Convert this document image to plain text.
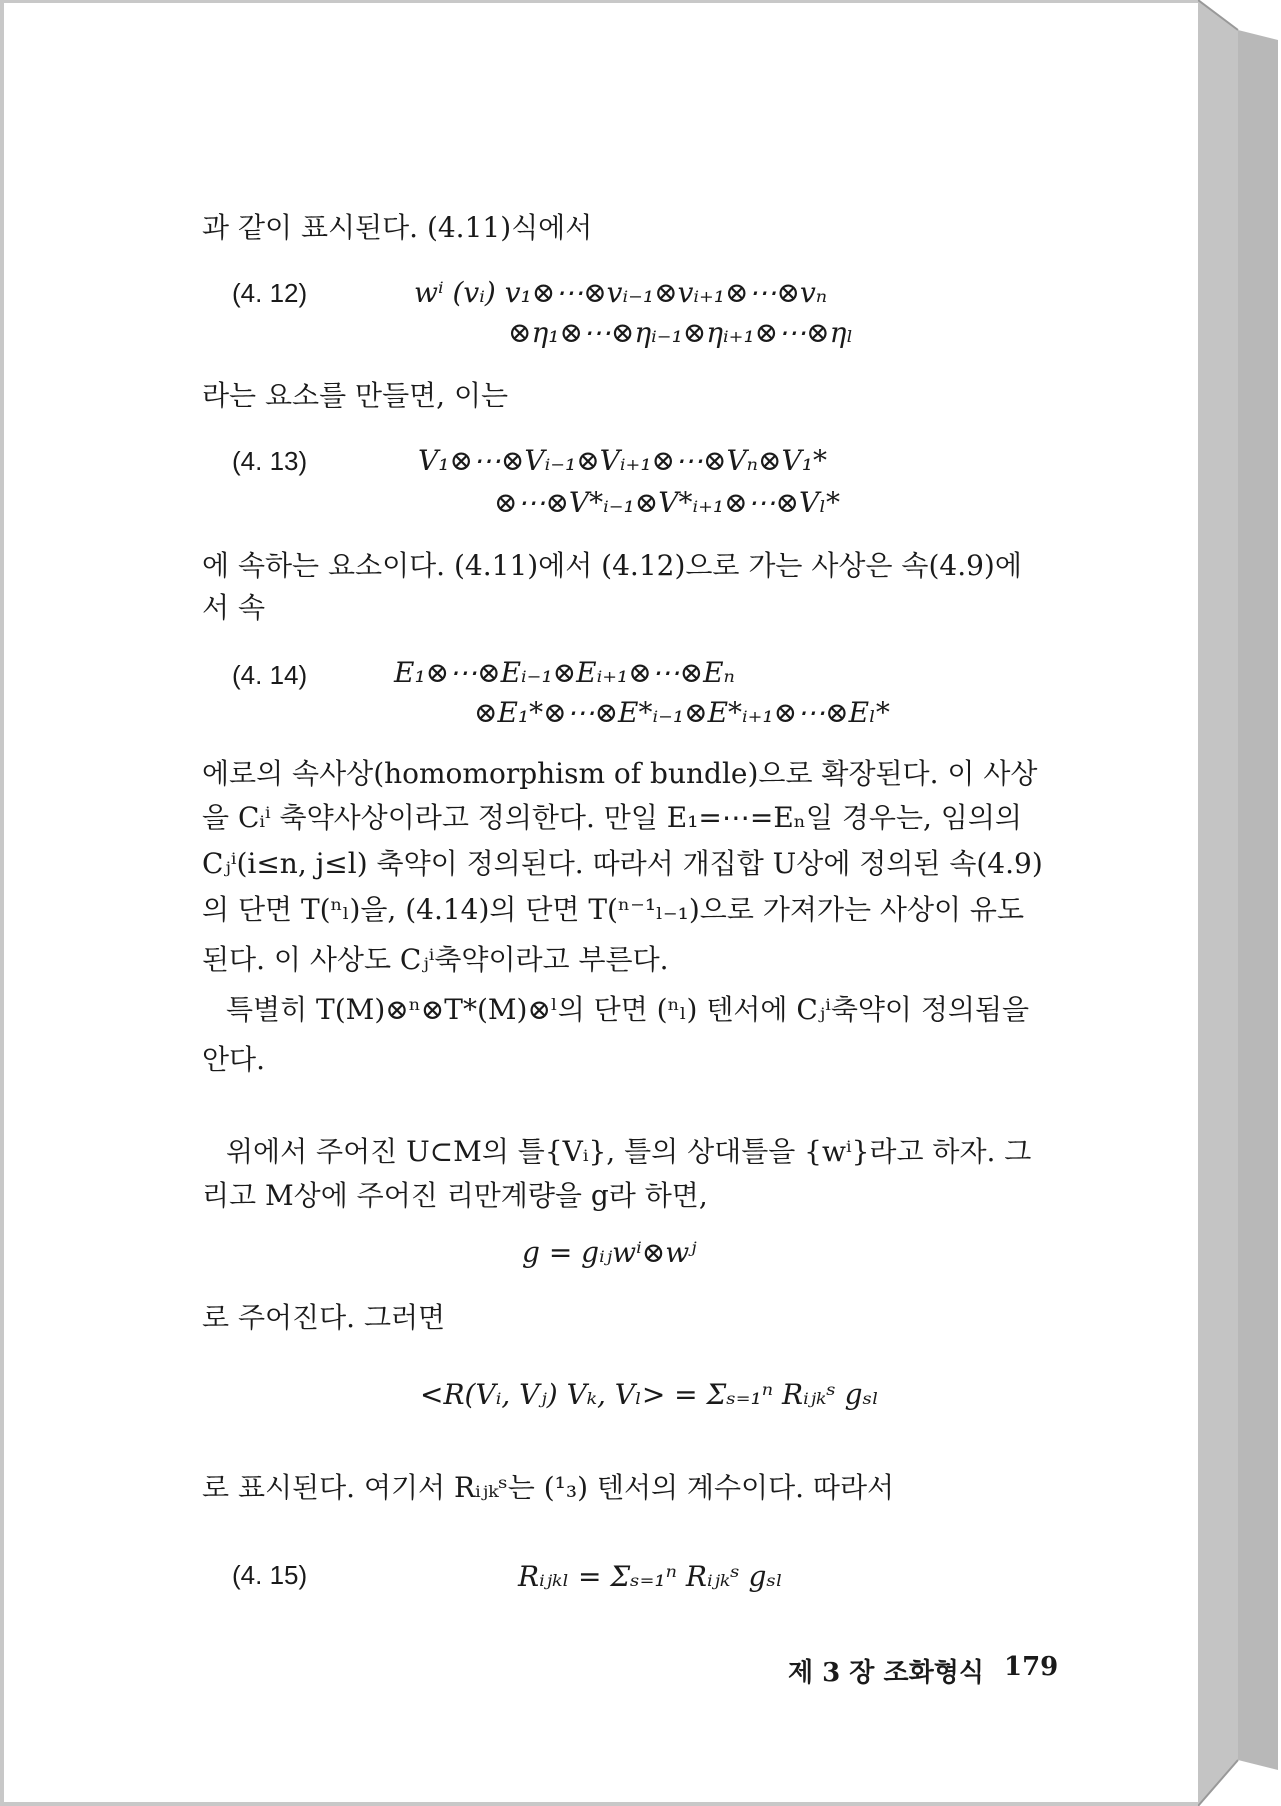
과 같이 표시된다. (4.11)식에서
(4. 12)	wⁱ (vᵢ) v₁⊗⋯⊗vᵢ₋₁⊗vᵢ₊₁⊗⋯⊗vₙ
⊗η₁⊗⋯⊗ηᵢ₋₁⊗ηᵢ₊₁⊗⋯⊗ηₗ
라는 요소를 만들면, 이는
(4. 13)	V₁⊗⋯⊗Vᵢ₋₁⊗Vᵢ₊₁⊗⋯⊗Vₙ⊗V₁*
⊗⋯⊗V*ᵢ₋₁⊗V*ᵢ₊₁⊗⋯⊗Vₗ*
에 속하는 요소이다. (4.11)에서 (4.12)으로 가는 사상은 속(4.9)에
서 속
(4. 14)	E₁⊗⋯⊗Eᵢ₋₁⊗Eᵢ₊₁⊗⋯⊗Eₙ
⊗E₁*⊗⋯⊗E*ᵢ₋₁⊗E*ᵢ₊₁⊗⋯⊗Eₗ*
에로의 속사상(homomorphism of bundle)으로 확장된다. 이 사상
을 Cᵢⁱ 축약사상이라고 정의한다. 만일 E₁=⋯=Eₙ일 경우는, 임의의
Cⱼⁱ(i≤n, j≤l) 축약이 정의된다. 따라서 개집합 U상에 정의된 속(4.9)
의 단면 T(ⁿₗ)을, (4.14)의 단면 T(ⁿ⁻¹ₗ₋₁)으로 가져가는 사상이 유도
된다. 이 사상도 Cⱼⁱ축약이라고 부른다.
특별히 T(M)⊗ⁿ⊗T*(M)⊗ˡ의 단면 (ⁿₗ) 텐서에 Cⱼⁱ축약이 정의됨을
안다.
위에서 주어진 U⊂M의 틀{Vᵢ}, 틀의 상대틀을 {wⁱ}라고 하자. 그
리고 M상에 주어진 리만계량을 g라 하면,
g = gᵢⱼwⁱ⊗wʲ
로 주어진다. 그러면
<R(Vᵢ, Vⱼ) Vₖ, Vₗ> = Σₛ₌₁ⁿ Rᵢⱼₖˢ gₛₗ
로 표시된다. 여기서 Rᵢⱼₖˢ는 (¹₃) 텐서의 계수이다. 따라서
(4. 15)	Rᵢⱼₖₗ = Σₛ₌₁ⁿ Rᵢⱼₖˢ gₛₗ
제 3 장 조화형식 179
